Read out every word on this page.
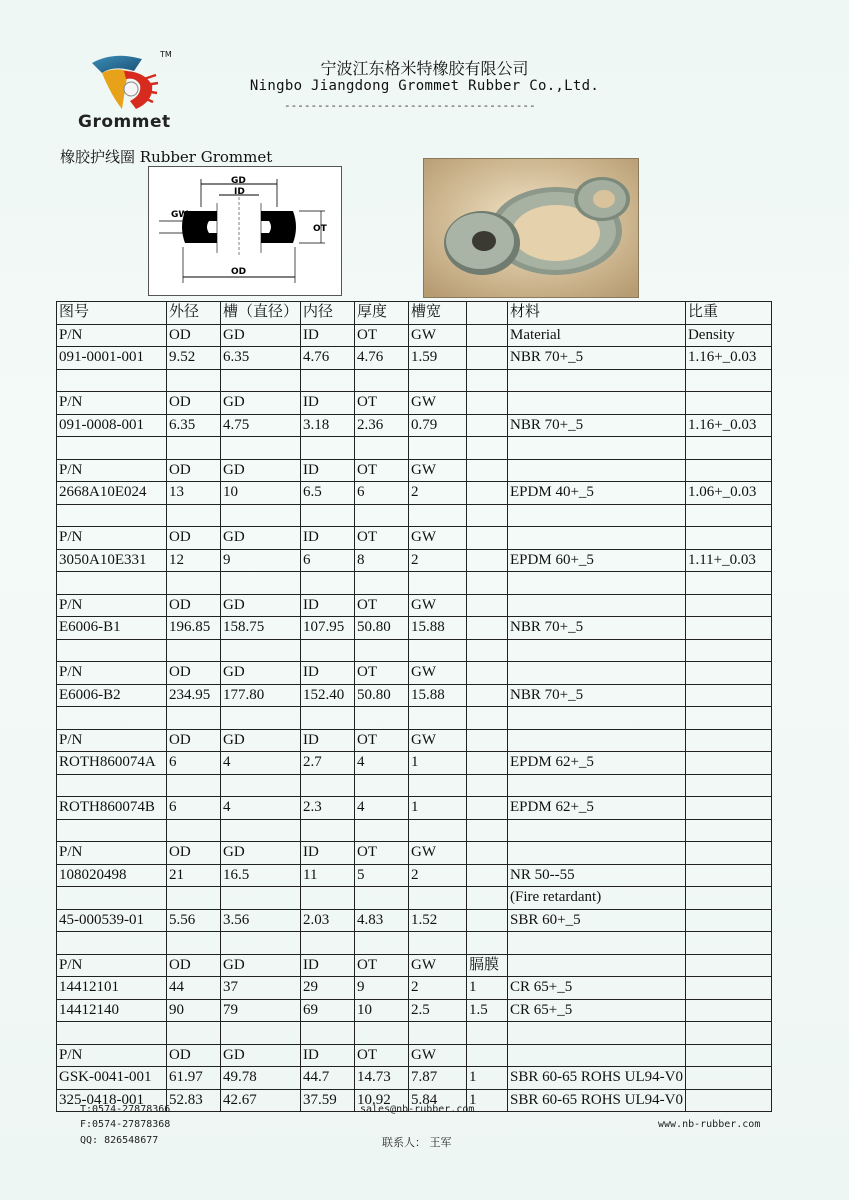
TM
Grommet
宁波江东格米特橡胶有限公司
Ningbo Jiangdong Grommet Rubber Co.,Ltd.
--------------------------------------
橡胶护线圈 Rubber Grommet
GD
ID
GW
OT
OD
图号	外径	槽（直径）	内径	厚度	槽宽		材料	比重
P/N	OD	GD	ID	OT	GW		Material	Density
091-0001-001	9.52	6.35	4.76	4.76	1.59		NBR 70+_5	1.16+_0.03

P/N	OD	GD	ID	OT	GW			
091-0008-001	6.35	4.75	3.18	2.36	0.79		NBR 70+_5	1.16+_0.03

P/N	OD	GD	ID	OT	GW			
2668A10E024	13	10	6.5	6	2		EPDM 40+_5	1.06+_0.03

P/N	OD	GD	ID	OT	GW			
3050A10E331	12	9	6	8	2		EPDM 60+_5	1.11+_0.03

P/N	OD	GD	ID	OT	GW			
E6006-B1	196.85	158.75	107.95	50.80	15.88		NBR 70+_5	

P/N	OD	GD	ID	OT	GW			
E6006-B2	234.95	177.80	152.40	50.80	15.88		NBR 70+_5	

P/N	OD	GD	ID	OT	GW			
ROTH860074A	6	4	2.7	4	1		EPDM 62+_5	

ROTH860074B	6	4	2.3	4	1		EPDM 62+_5	

P/N	OD	GD	ID	OT	GW			
108020498	21	16.5	11	5	2		NR 50--55	
							(Fire retardant)	
45-000539-01	5.56	3.56	2.03	4.83	1.52		SBR 60+_5	

P/N	OD	GD	ID	OT	GW	膈膜		
14412101	44	37	29	9	2	1	CR 65+_5	
14412140	90	79	69	10	2.5	1.5	CR 65+_5	

P/N	OD	GD	ID	OT	GW			
GSK-0041-001	61.97	49.78	44.7	14.73	7.87	1	SBR 60-65 ROHS UL94-V0	
325-0418-001	52.83	42.67	37.59	10.92	5.84	1	SBR 60-65 ROHS UL94-V0	
T:0574-27878366
F:0574-27878368
QQ: 826548677
sales@nb-rubber.com
联系人： 王军
www.nb-rubber.com
